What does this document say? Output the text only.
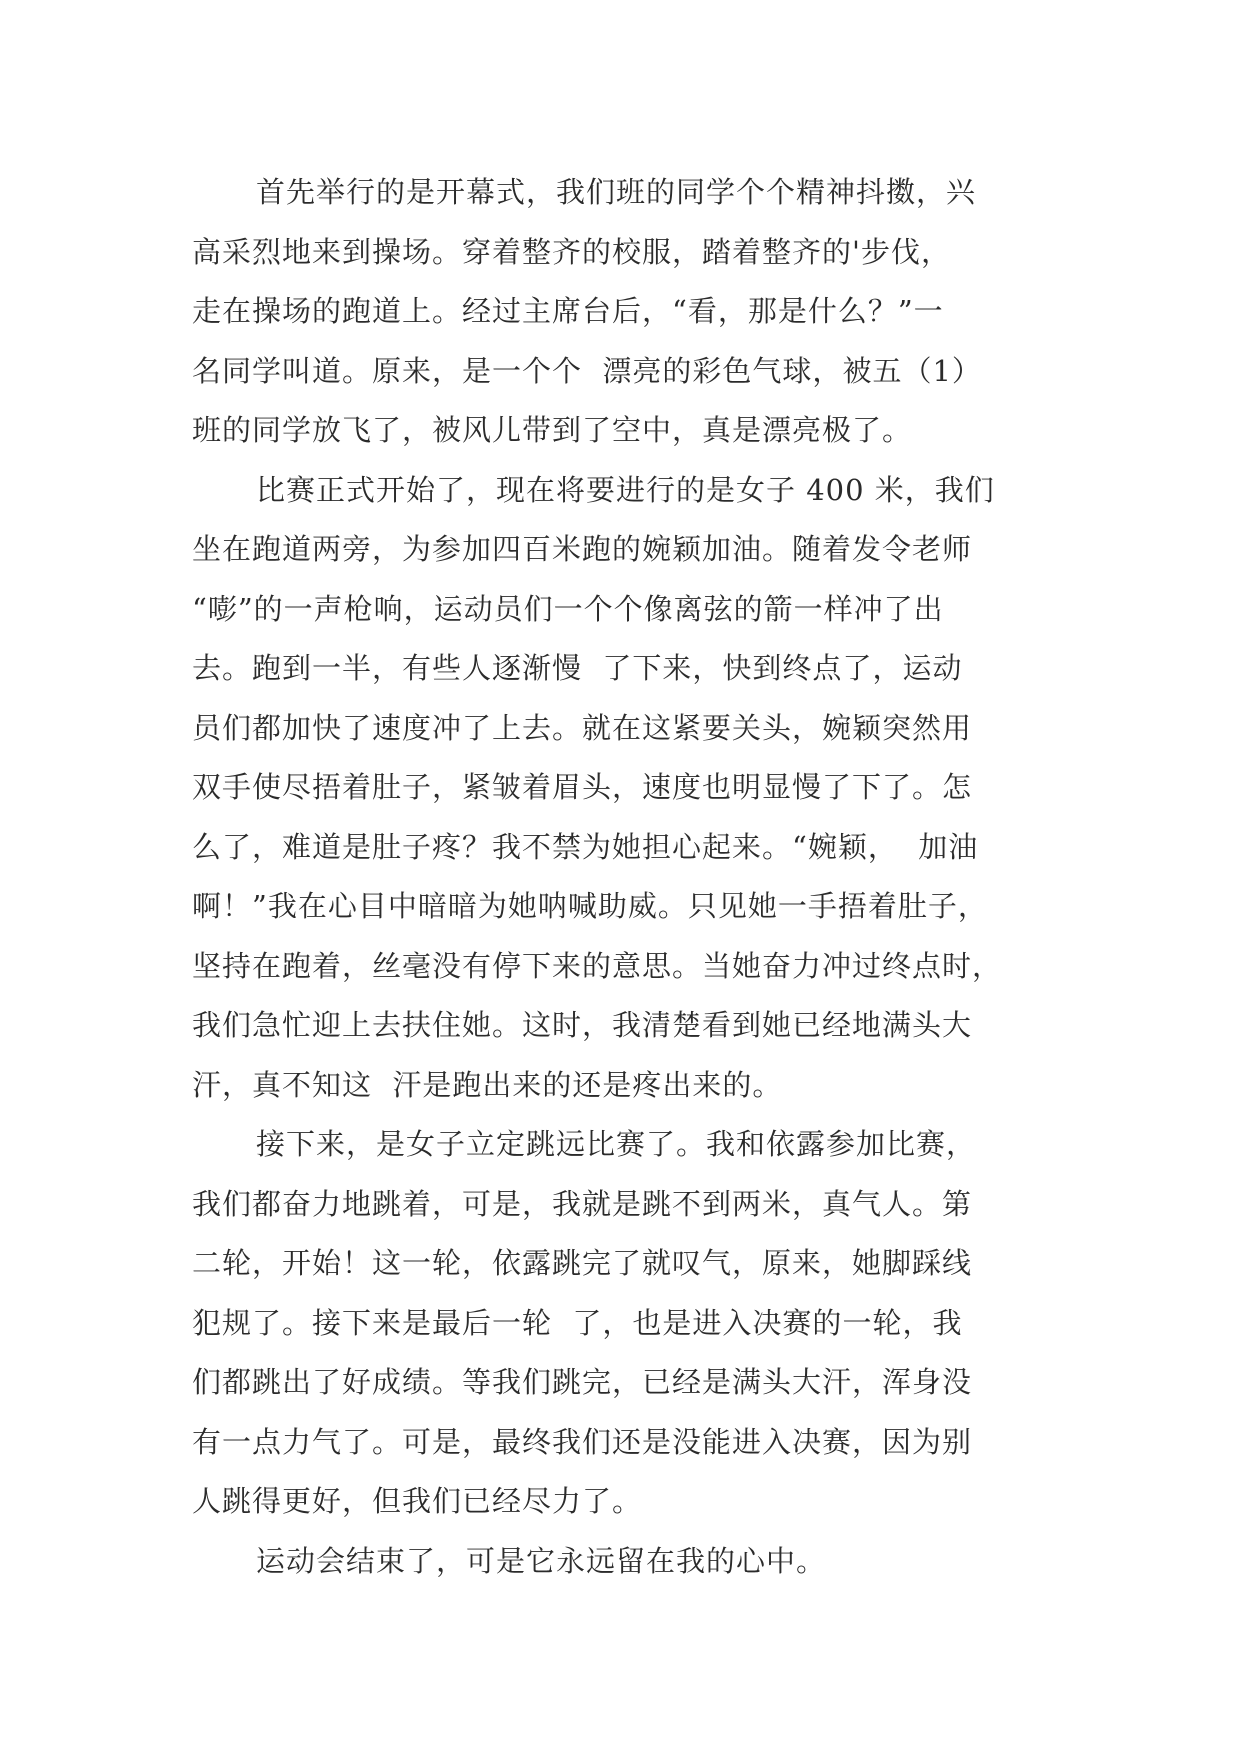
首先举行的是开幕式，我们班的同学个个精神抖擞，兴
高采烈地来到操场。穿着整齐的校服，踏着整齐的'步伐，
走在操场的跑道上。经过主席台后，“看，那是什么？”一
名同学叫道。原来，是一个个  漂亮的彩色气球，被五（1）
班的同学放飞了，被风儿带到了空中，真是漂亮极了。
比赛正式开始了，现在将要进行的是女子 400 米，我们
坐在跑道两旁，为参加四百米跑的婉颖加油。随着发令老师
“嘭”的一声枪响，运动员们一个个像离弦的箭一样冲了出
去。跑到一半，有些人逐渐慢  了下来，快到终点了，运动
员们都加快了速度冲了上去。就在这紧要关头，婉颖突然用
双手使尽捂着肚子，紧皱着眉头，速度也明显慢了下了。怎
么了，难道是肚子疼？我不禁为她担心起来。“婉颖，  加油
啊！”我在心目中暗暗为她呐喊助威。只见她一手捂着肚子，
坚持在跑着，丝毫没有停下来的意思。当她奋力冲过终点时，
我们急忙迎上去扶住她。这时，我清楚看到她已经地满头大
汗，真不知这  汗是跑出来的还是疼出来的。
接下来，是女子立定跳远比赛了。我和依露参加比赛，
我们都奋力地跳着，可是，我就是跳不到两米，真气人。第
二轮，开始！这一轮，依露跳完了就叹气，原来，她脚踩线
犯规了。接下来是最后一轮  了，也是进入决赛的一轮，我
们都跳出了好成绩。等我们跳完，已经是满头大汗，浑身没
有一点力气了。可是，最终我们还是没能进入决赛，因为别
人跳得更好，但我们已经尽力了。
运动会结束了，可是它永远留在我的心中。
